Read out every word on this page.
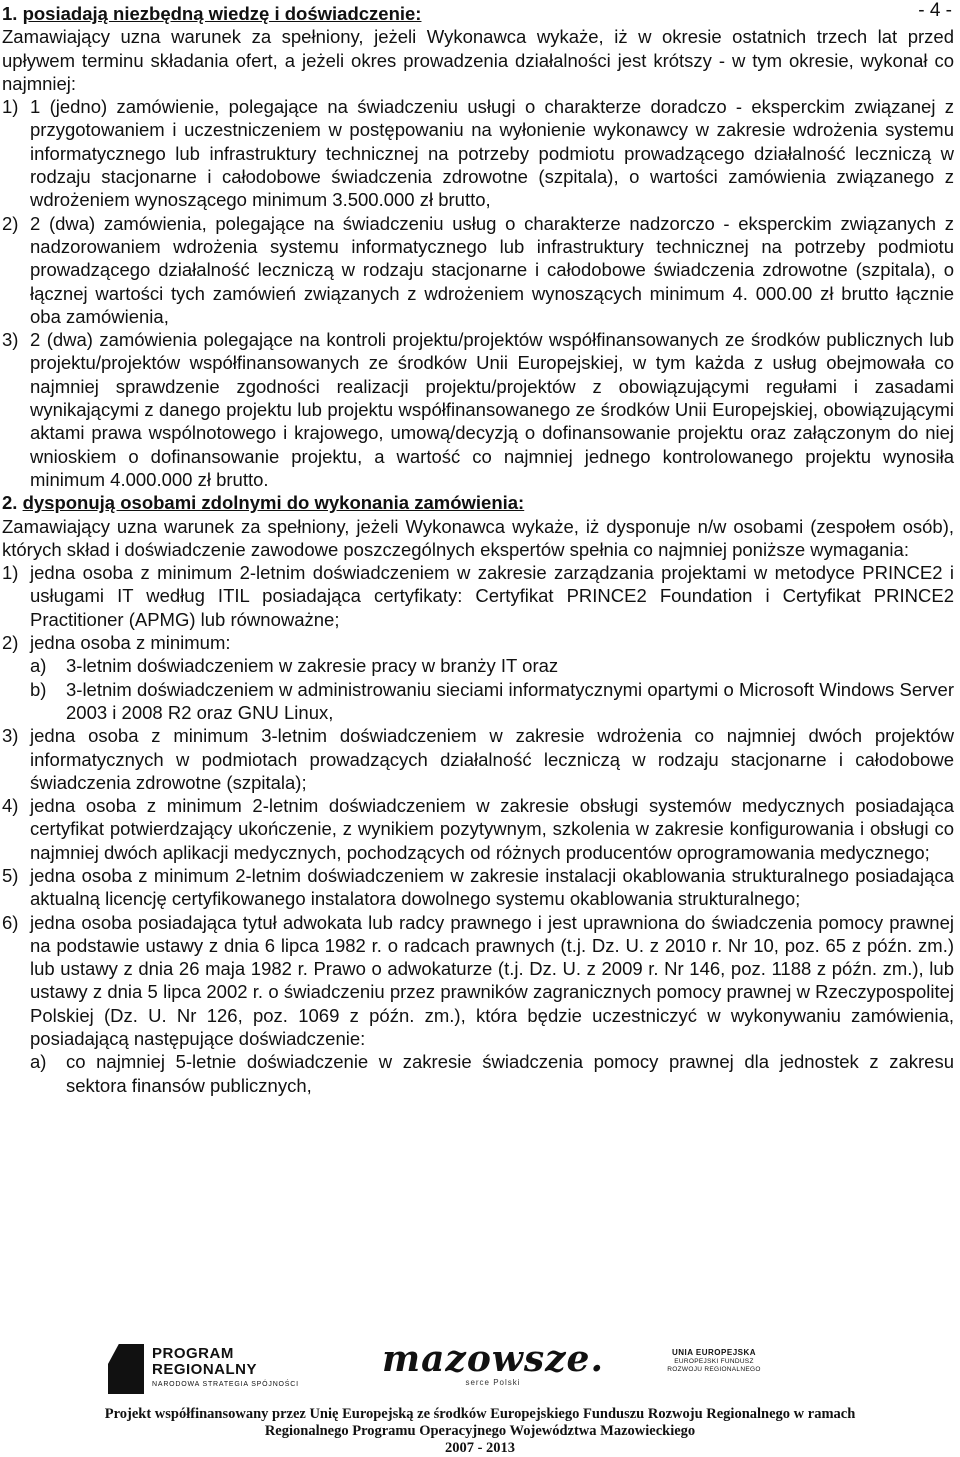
- 4 -

1. posiadają niezbędną wiedzę i doświadczenie:

Zamawiający uzna warunek za spełniony, jeżeli Wykonawca wykaże, iż w okresie ostatnich trzech lat przed upływem terminu składania ofert, a jeżeli okres prowadzenia działalności jest krótszy - w tym okresie, wykonał co najmniej:

1) 1 (jedno) zamówienie, polegające na świadczeniu usługi o charakterze doradczo - eksperckim związanej z przygotowaniem i uczestniczeniem w postępowaniu na wyłonienie wykonawcy w zakresie wdrożenia systemu informatycznego lub infrastruktury technicznej na potrzeby podmiotu prowadzącego działalność leczniczą w rodzaju stacjonarne i całodobowe świadczenia zdrowotne (szpitala), o wartości zamówienia związanego z wdrożeniem wynoszącego minimum 3.500.000 zł brutto,
2) 2 (dwa) zamówienia, polegające na świadczeniu usług o charakterze nadzorczo - eksperckim związanych z nadzorowaniem wdrożenia systemu informatycznego lub infrastruktury technicznej na potrzeby podmiotu prowadzącego działalność leczniczą w rodzaju stacjonarne i całodobowe świadczenia zdrowotne (szpitala), o łącznej wartości tych zamówień związanych z wdrożeniem wynoszących minimum 4. 000.00 zł brutto łącznie oba zamówienia,
3) 2 (dwa) zamówienia polegające na kontroli projektu/projektów współfinansowanych ze środków publicznych lub projektu/projektów współfinansowanych ze środków Unii Europejskiej, w tym każda z usług obejmowała co najmniej sprawdzenie zgodności realizacji projektu/projektów z obowiązującymi regułami i zasadami wynikającymi z danego projektu lub projektu współfinansowanego ze środków Unii Europejskiej, obowiązującymi aktami prawa wspólnotowego i krajowego, umową/decyzją o dofinansowanie projektu oraz załączonym do niej wnioskiem o dofinansowanie projektu, a wartość co najmniej jednego kontrolowanego projektu wynosiła minimum 4.000.000 zł brutto.

2. dysponują osobami zdolnymi do wykonania zamówienia:

Zamawiający uzna warunek za spełniony, jeżeli Wykonawca wykaże, iż dysponuje n/w osobami (zespołem osób), których skład i doświadczenie zawodowe poszczególnych ekspertów spełnia co najmniej poniższe wymagania:

1) jedna osoba z minimum 2-letnim doświadczeniem w zakresie zarządzania projektami w metodyce PRINCE2 i usługami IT według ITIL posiadająca certyfikaty: Certyfikat PRINCE2 Foundation i Certyfikat PRINCE2 Practitioner (APMG) lub równoważne;
2) jedna osoba z minimum:
a)	3-letnim doświadczeniem w zakresie pracy w branży IT oraz
b)	3-letnim doświadczeniem w administrowaniu sieciami informatycznymi opartymi o Microsoft Windows Server 2003 i 2008 R2 oraz GNU Linux,
3) jedna osoba z minimum 3-letnim doświadczeniem w zakresie wdrożenia co najmniej dwóch projektów informatycznych w podmiotach prowadzących działalność leczniczą w rodzaju stacjonarne i całodobowe świadczenia zdrowotne (szpitala);
4) jedna osoba z minimum 2-letnim doświadczeniem w zakresie obsługi systemów medycznych posiadająca certyfikat potwierdzający ukończenie, z wynikiem pozytywnym, szkolenia w zakresie konfigurowania i obsługi co najmniej dwóch aplikacji medycznych, pochodzących od różnych producentów oprogramowania medycznego;
5) jedna osoba z minimum 2-letnim doświadczeniem w zakresie instalacji okablowania strukturalnego posiadająca aktualną licencję certyfikowanego instalatora dowolnego systemu okablowania strukturalnego;
6) jedna osoba posiadająca tytuł adwokata lub radcy prawnego i jest uprawniona do świadczenia pomocy prawnej na podstawie ustawy z dnia 6 lipca 1982 r. o radcach prawnych (t.j. Dz. U. z 2010 r. Nr 10, poz. 65 z późn. zm.) lub ustawy z dnia 26 maja 1982 r. Prawo o adwokaturze (t.j. Dz. U. z 2009 r. Nr 146, poz. 1188 z późn. zm.), lub ustawy z dnia 5 lipca 2002 r. o świadczeniu przez prawników zagranicznych pomocy prawnej w Rzeczypospolitej Polskiej (Dz. U. Nr 126, poz. 1069 z późn. zm.), która będzie uczestniczyć w wykonywaniu zamówienia, posiadającą następujące doświadczenie:
a)	co najmniej 5-letnie doświadczenie w zakresie świadczenia pomocy prawnej dla jednostek z zakresu sektora finansów publicznych,
PROGRAM
REGIONALNY
NARODOWA STRATEGIA SPÓJNOŚCI
mazowsze.
serce Polski
UNIA EUROPEJSKA
EUROPEJSKI FUNDUSZ
ROZWOJU REGIONALNEGO
Projekt współfinansowany przez Unię Europejską ze środków Europejskiego Funduszu Rozwoju Regionalnego w ramach
Regionalnego Programu Operacyjnego Województwa Mazowieckiego
2007 - 2013
